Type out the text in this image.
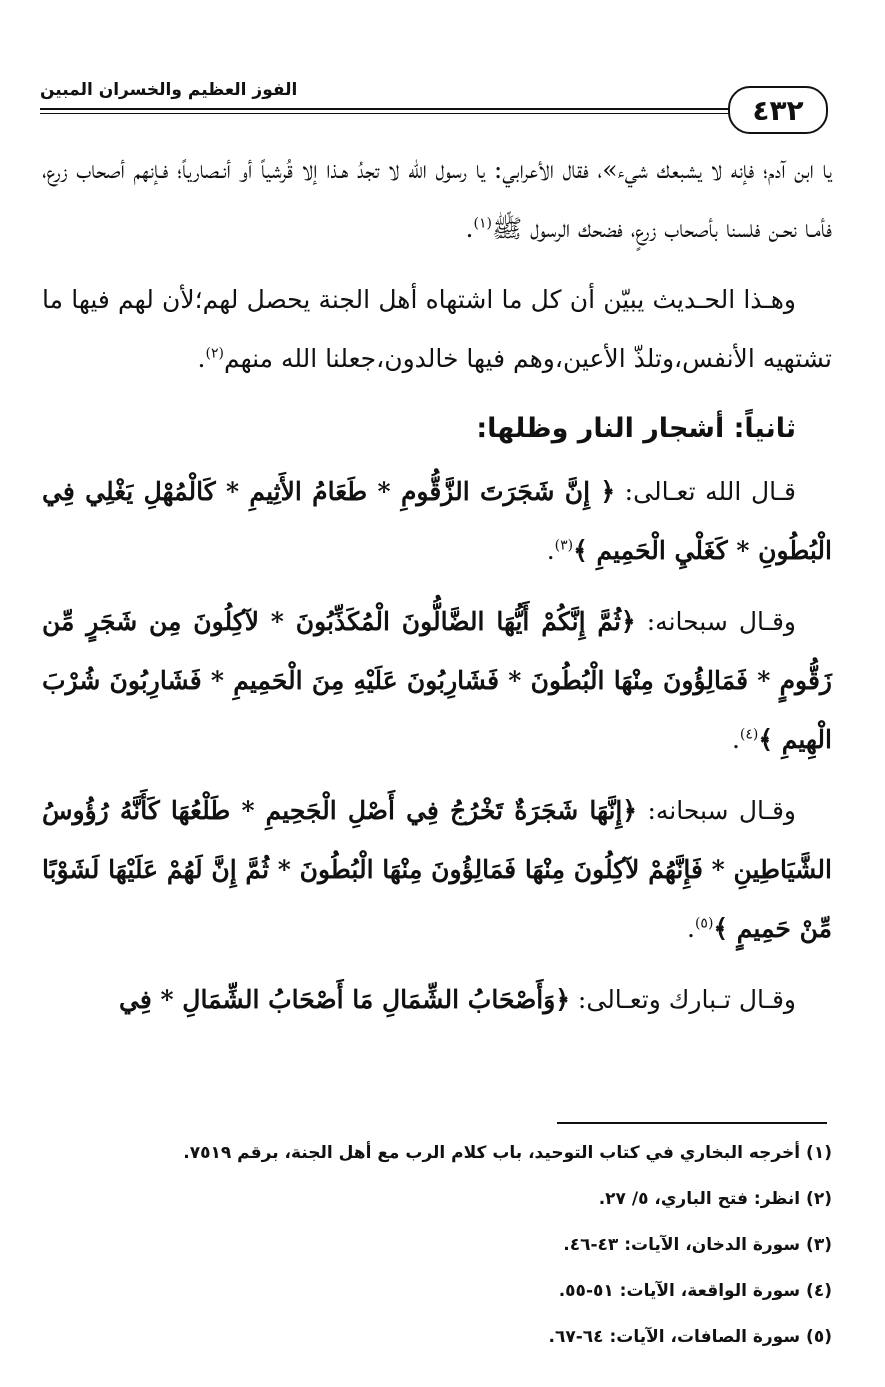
الفوز العظيم والخسران المبين
٤٣٢

يا ابن آدم؛ فإنه لا يشبعك شيء»، فقال الأعرابي: يا رسول الله لا تجدُ هـذا إلا قُرشياً أو أنـصارياً؛ فـإنهم أصحاب زرع، فأمـا نحـن فلسنا بأصحاب زرعٍ، فضحك الرسول ﷺ$^{(١)}$.

وهـذا الحـديث يبيّن أن كل ما اشتهاه أهل الجنة يحصل لهم؛لأن لهم فيها ما تشتهيه الأنفس،وتلذّ الأعين،وهم فيها خالدون،جعلنا الله منهم$^{(٢)}$.

ثانياً: أشجار النار وظلها:

قـال الله تعـالى: ﴿ إِنَّ شَجَرَتَ الزَّقُّومِ * طَعَامُ الأَثِيمِ * كَالْمُهْلِ يَغْلِي فِي الْبُطُونِ * كَغَلْيِ الْحَمِيمِ ﴾$^{(٣)}$.

وقـال سبحانه: ﴿ثُمَّ إِنَّكُمْ أَيُّهَا الضَّالُّونَ الْمُكَذِّبُونَ * لآكِلُونَ مِن شَجَرٍ مِّن زَقُّومٍ * فَمَالِؤُونَ مِنْهَا الْبُطُونَ * فَشَارِبُونَ عَلَيْهِ مِنَ الْحَمِيمِ * فَشَارِبُونَ شُرْبَ الْهِيمِ ﴾$^{(٤)}$.

وقـال سبحانه: ﴿إِنَّهَا شَجَرَةٌ تَخْرُجُ فِي أَصْلِ الْجَحِيمِ * طَلْعُهَا كَأَنَّهُ رُؤُوسُ الشَّيَاطِينِ * فَإِنَّهُمْ لآكِلُونَ مِنْهَا فَمَالِؤُونَ مِنْهَا الْبُطُونَ * ثُمَّ إِنَّ لَهُمْ عَلَيْهَا لَشَوْبًا مِّنْ حَمِيمٍ ﴾$^{(٥)}$.

وقـال تـبارك وتعـالى: ﴿وَأَصْحَابُ الشِّمَالِ مَا أَصْحَابُ الشِّمَالِ * فِي

(١)أخرجه البخاري في كتاب التوحيد، باب كلام الرب مع أهل الجنة، برقم ٧٥١٩.
(٢)انظر: فتح الباري، ٥/ ٢٧.
(٣)سورة الدخان، الآيات: ٤٣-٤٦.
(٤)سورة الواقعة، الآيات: ٥١-٥٥.
(٥)سورة الصافات، الآيات: ٦٤-٦٧.
